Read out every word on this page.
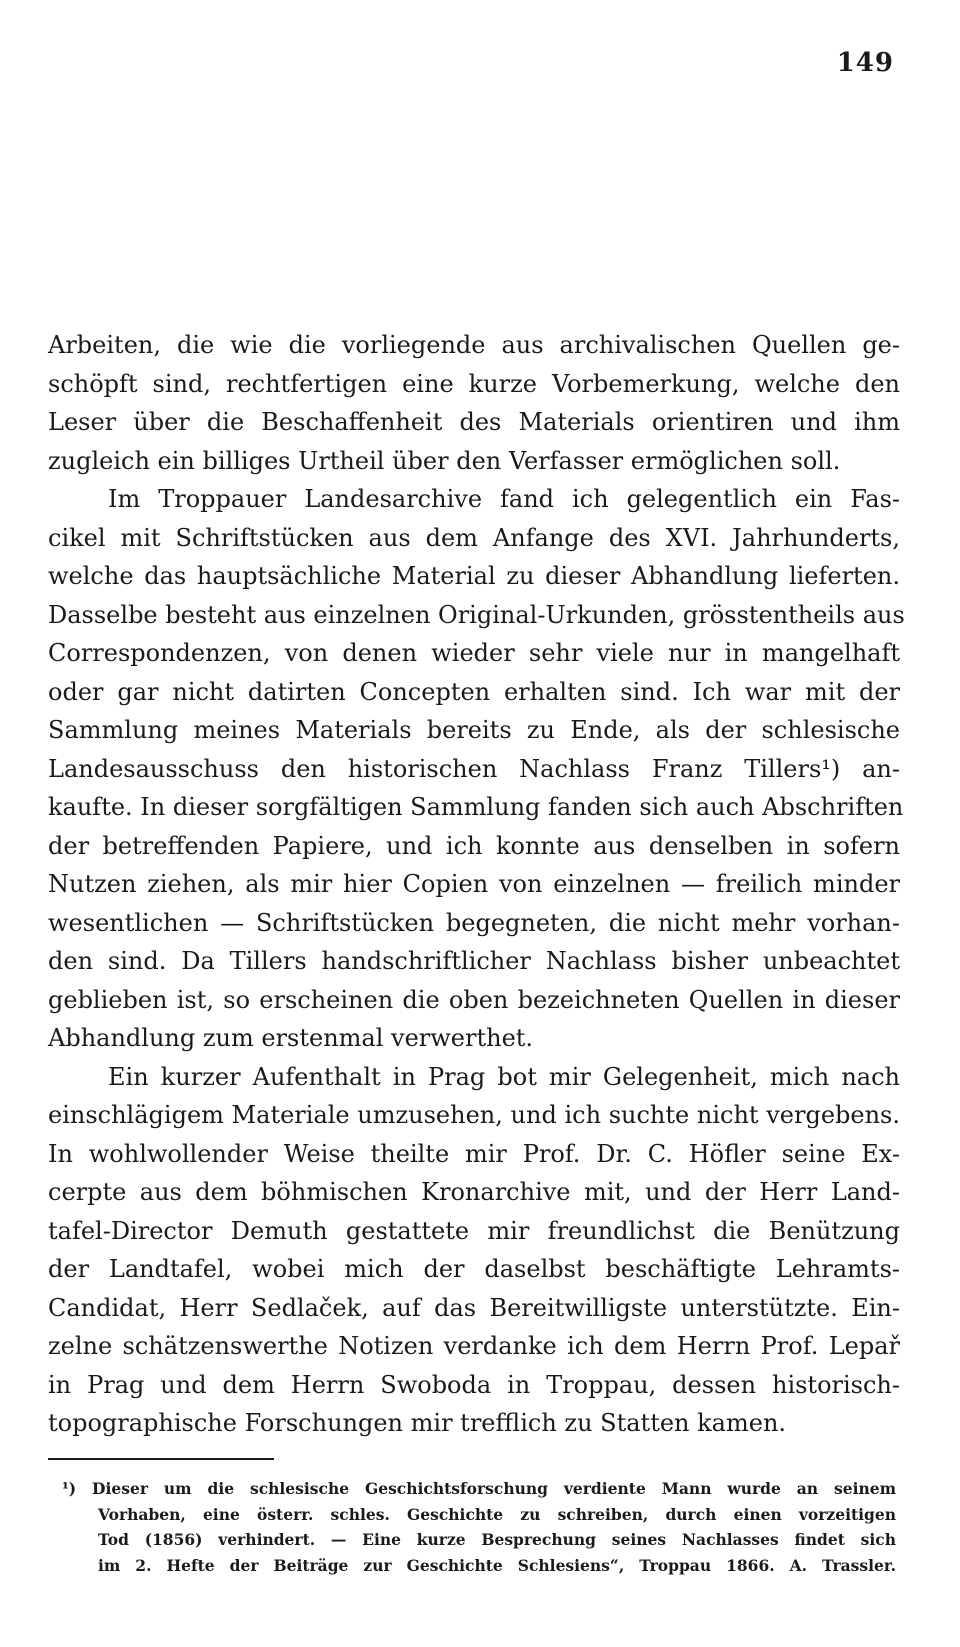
149
Arbeiten, die wie die vorliegende aus archivalischen Quellen ge-
schöpft sind, rechtfertigen eine kurze Vorbemerkung, welche den
Leser über die Beschaffenheit des Materials orientiren und ihm
zugleich ein billiges Urtheil über den Verfasser ermöglichen soll.
Im Troppauer Landesarchive fand ich gelegentlich ein Fas-
cikel mit Schriftstücken aus dem Anfange des XVI. Jahrhunderts,
welche das hauptsächliche Material zu dieser Abhandlung lieferten.
Dasselbe besteht aus einzelnen Original-Urkunden, grösstentheils aus
Correspondenzen, von denen wieder sehr viele nur in mangelhaft
oder gar nicht datirten Concepten erhalten sind. Ich war mit der
Sammlung meines Materials bereits zu Ende, als der schlesische
Landesausschuss den historischen Nachlass Franz Tillers¹) an-
kaufte. In dieser sorgfältigen Sammlung fanden sich auch Abschriften
der betreffenden Papiere, und ich konnte aus denselben in sofern
Nutzen ziehen, als mir hier Copien von einzelnen — freilich minder
wesentlichen — Schriftstücken begegneten, die nicht mehr vorhan-
den sind. Da Tillers handschriftlicher Nachlass bisher unbeachtet
geblieben ist, so erscheinen die oben bezeichneten Quellen in dieser
Abhandlung zum erstenmal verwerthet.
Ein kurzer Aufenthalt in Prag bot mir Gelegenheit, mich nach
einschlägigem Materiale umzusehen, und ich suchte nicht vergebens.
In wohlwollender Weise theilte mir Prof. Dr. C. Höfler seine Ex-
cerpte aus dem böhmischen Kronarchive mit, und der Herr Land-
tafel-Director Demuth gestattete mir freundlichst die Benützung
der Landtafel, wobei mich der daselbst beschäftigte Lehramts-
Candidat, Herr Sedlaček, auf das Bereitwilligste unterstützte. Ein-
zelne schätzenswerthe Notizen verdanke ich dem Herrn Prof. Lepař
in Prag und dem Herrn Swoboda in Troppau, dessen historisch-
topographische Forschungen mir trefflich zu Statten kamen.
¹) Dieser um die schlesische Geschichtsforschung verdiente Mann wurde an seinem
Vorhaben, eine österr. schles. Geschichte zu schreiben, durch einen vorzeitigen
Tod (1856) verhindert. — Eine kurze Besprechung seines Nachlasses findet sich
im 2. Hefte der Beiträge zur Geschichte Schlesiens“, Troppau 1866. A. Trassler.
